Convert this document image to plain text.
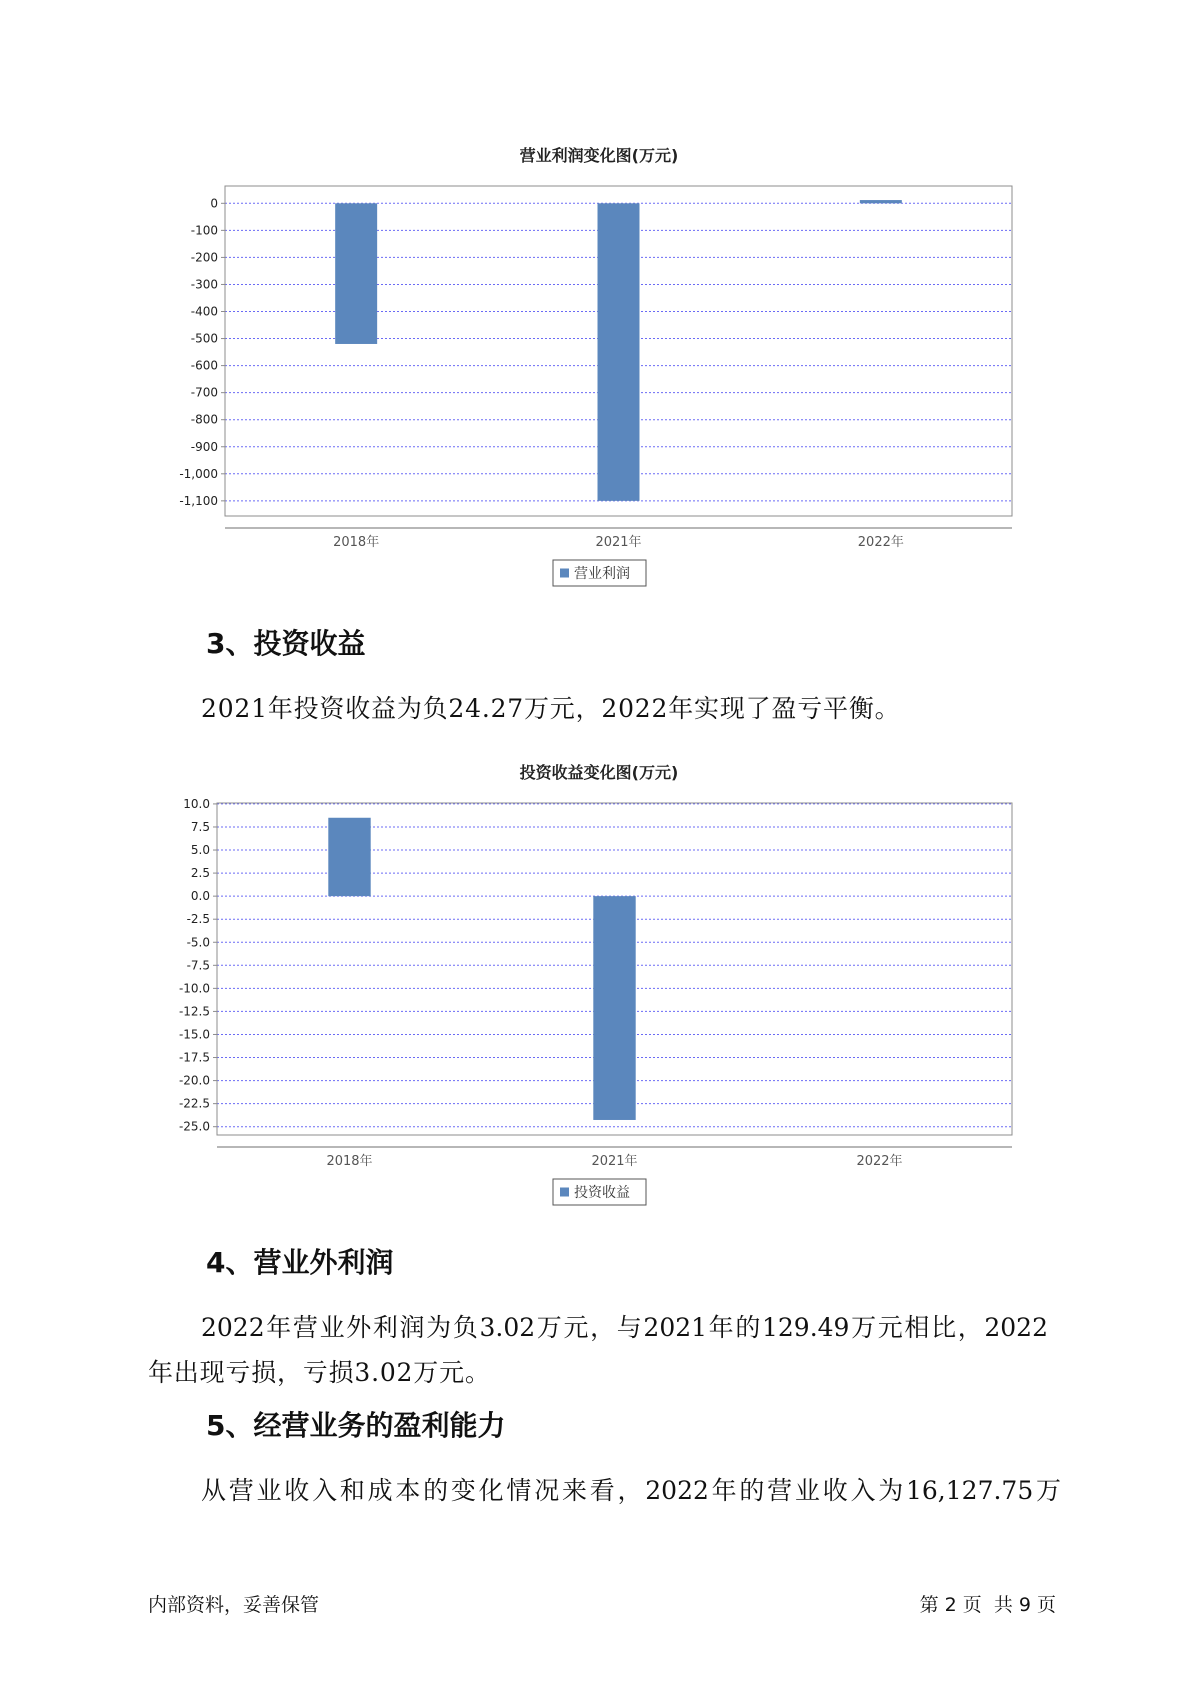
营业利润变化图(万元)
0
-100
-200
-300
-400
-500
-600
-700
-800
-900
-1,000
-1,100
2018年	2021年	2022年
营业利润
3、投资收益
2021年投资收益为负24.27万元，2022年实现了盈亏平衡。
投资收益变化图(万元)
10.0
7.5
5.0
2.5
0.0
-2.5
-5.0
-7.5
-10.0
-12.5
-15.0
-17.5
-20.0
-22.5
-25.0
2018年	2021年	2022年
投资收益
4、营业外利润
2022年营业外利润为负3.02万元，与2021年的129.49万元相比，2022
年出现亏损，亏损3.02万元。
5、经营业务的盈利能力
从营业收入和成本的变化情况来看，2022年的营业收入为16,127.75万
内部资料，妥善保管	第 2 页  共 9 页
